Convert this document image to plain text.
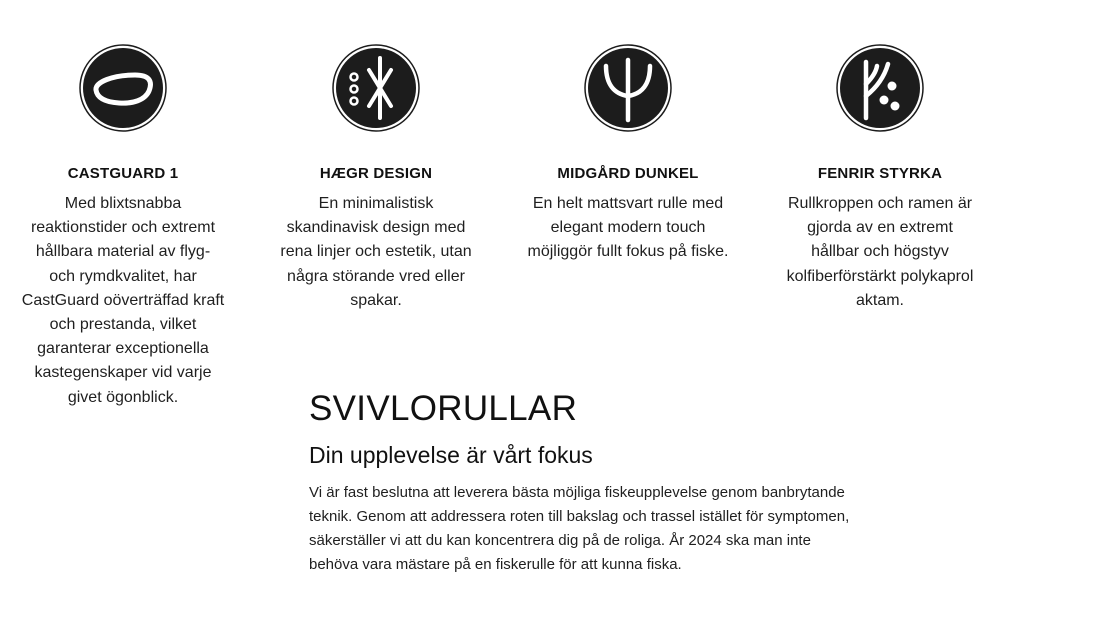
CASTGUARD 1

Med blixtsnabba reaktionstider och extremt hållbara material av flyg- och rymdkvalitet, har CastGuard oöverträffad kraft och prestanda, vilket garanterar exceptionella kastegenskaper vid varje givet ögonblick.

HÆGR DESIGN

En minimalistisk skandinavisk design med rena linjer och estetik, utan några störande vred eller spakar.

MIDGÅRD DUNKEL

En helt mattsvart rulle med elegant modern touch möjliggör fullt fokus på fiske.

FENRIR STYRKA

Rullkroppen och ramen är gjorda av en extremt hållbar och högstyv kolfiberförstärkt polykaprol aktam.

SVIVLORULLAR
Din upplevelse är vårt fokus

Vi är fast beslutna att leverera bästa möjliga fiskeupplevelse genom banbrytande teknik. Genom att addressera roten till bakslag och trassel istället för symptomen, säkerställer vi att du kan koncentrera dig på de roliga. År 2024 ska man inte behöva vara mästare på en fiskerulle för att kunna fiska.
